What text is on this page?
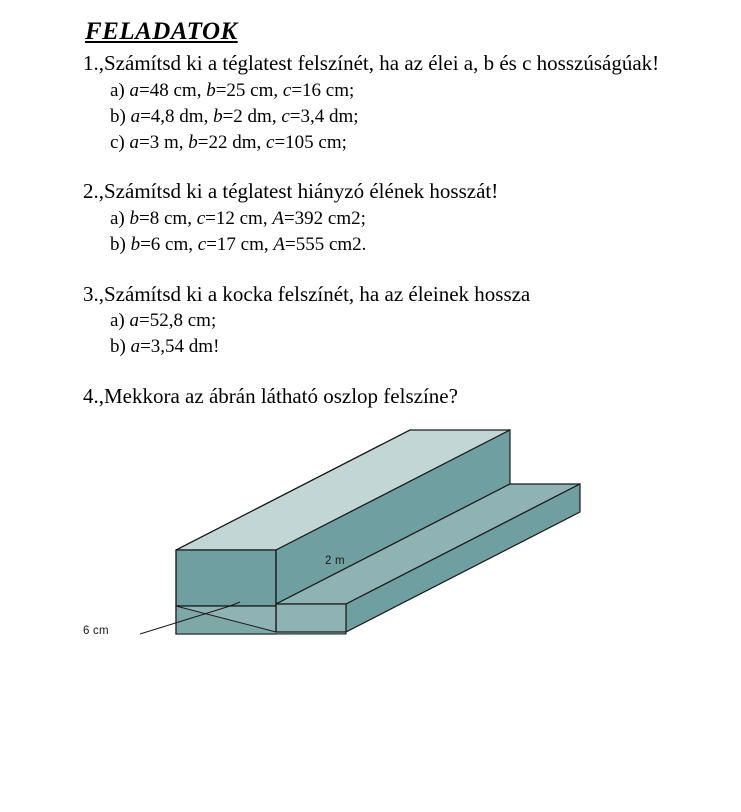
FELADATOK

1.,Számítsd ki a téglatest felszínét, ha az élei a, b és c hosszúságúak!

a) a=48 cm, b=25 cm, c=16 cm;
b) a=4,8 dm, b=2 dm, c=3,4 dm;
c) a=3 m, b=22 dm, c=105 cm;

2.,Számítsd ki a téglatest hiányzó élének hosszát!

a) b=8 cm, c=12 cm, A=392 cm2;
b) b=6 cm, c=17 cm, A=555 cm2.

3.,Számítsd ki a kocka felszínét, ha az éleinek hossza

a) a=52,8 cm;
b) a=3,54 dm!

4.,Mekkora az ábrán látható oszlop felszíne?

2 m
6 cm
